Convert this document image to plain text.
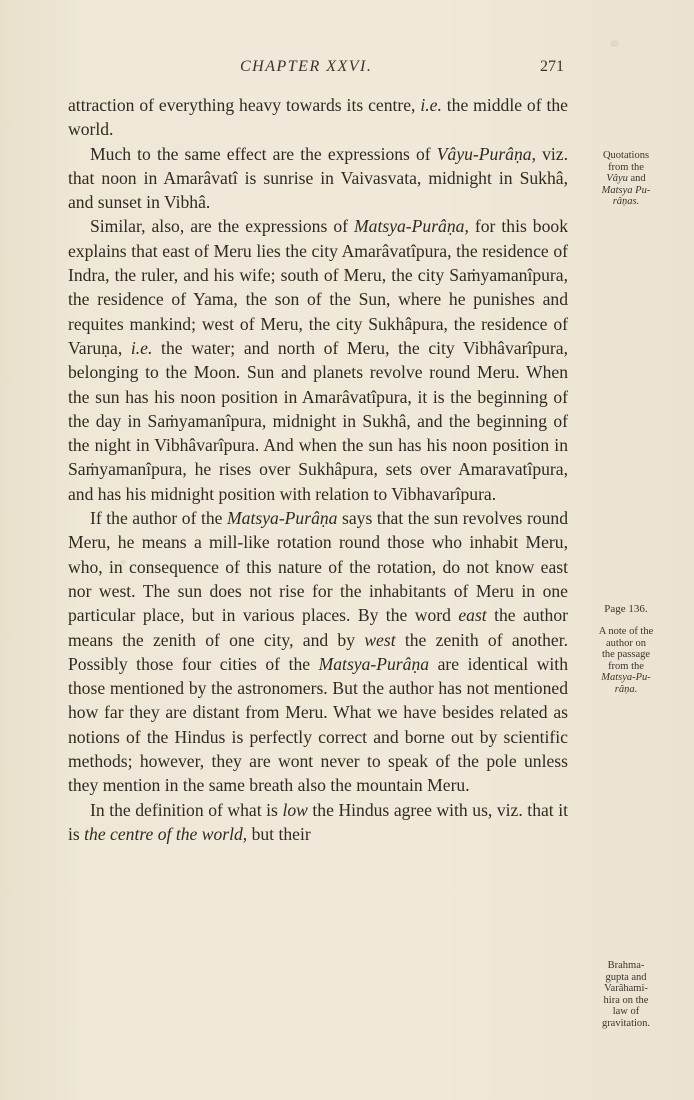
CHAPTER XXVI.	271

attraction of everything heavy towards its centre, i.e. the middle of the world.

Much to the same effect are the expressions of Vâyu-Purâṇa, viz. that noon in Amarâvatî is sunrise in Vaivasvata, midnight in Sukhâ, and sunset in Vibhâ.

Similar, also, are the expressions of Matsya-Purâṇa, for this book explains that east of Meru lies the city Amarâvatîpura, the residence of Indra, the ruler, and his wife; south of Meru, the city Saṁyamanîpura, the residence of Yama, the son of the Sun, where he punishes and requites mankind; west of Meru, the city Sukhâpura, the residence of Varuṇa, i.e. the water; and north of Meru, the city Vibhâvarîpura, belonging to the Moon. Sun and planets revolve round Meru. When the sun has his noon position in Amarâvatîpura, it is the beginning of the day in Saṁyamanîpura, midnight in Sukhâ, and the beginning of the night in Vibhâvarîpura. And when the sun has his noon position in Saṁyamanîpura, he rises over Sukhâpura, sets over Amaravatîpura, and has his midnight position with relation to Vibhavarîpura.

If the author of the Matsya-Purâṇa says that the sun revolves round Meru, he means a mill-like rotation round those who inhabit Meru, who, in consequence of this nature of the rotation, do not know east nor west. The sun does not rise for the inhabitants of Meru in one particular place, but in various places. By the word east the author means the zenith of one city, and by west the zenith of another. Possibly those four cities of the Matsya-Purâṇa are identical with those mentioned by the astronomers. But the author has not mentioned how far they are distant from Meru. What we have besides related as notions of the Hindus is perfectly correct and borne out by scientific methods; however, they are wont never to speak of the pole unless they mention in the same breath also the mountain Meru.

In the definition of what is low the Hindus agree with us, viz. that it is the centre of the world, but their

Quotations
from the
Vâyu and
Matsya Pu-
râṇas.
Page 136.
A note of the
author on
the passage
from the
Matsya-Pu-
râṇa.
Brahma-
gupta and
Varâhami-
hira on the
law of
gravitation.
